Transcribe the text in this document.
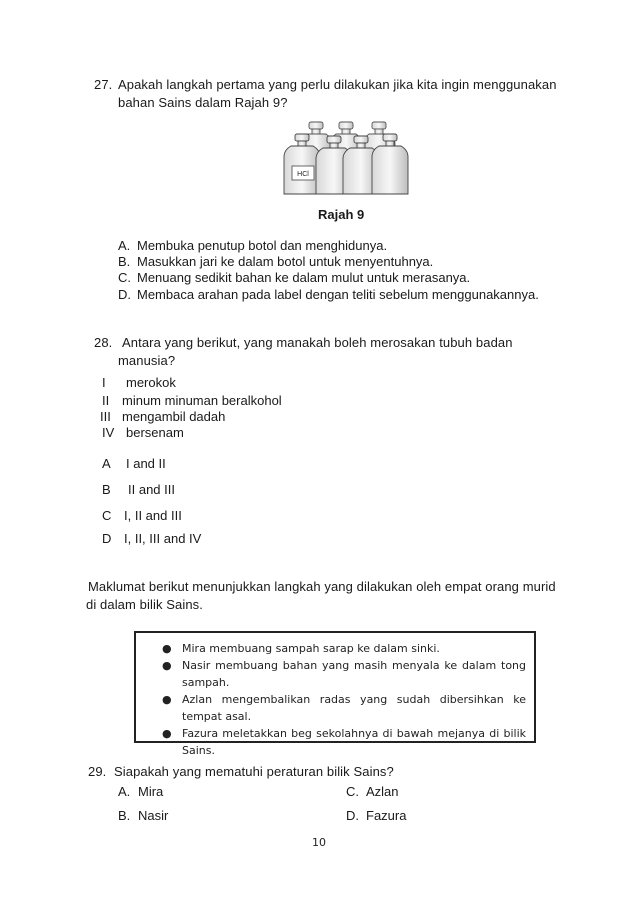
27. Apakah langkah pertama yang perlu dilakukan jika kita ingin menggunakan
bahan Sains dalam Rajah 9?
HCl
Rajah 9
A. Membuka penutup botol dan menghidunya.
B. Masukkan jari ke dalam botol untuk menyentuhnya.
C. Menuang sedikit bahan ke dalam mulut untuk merasanya.
D. Membaca arahan pada label dengan teliti sebelum menggunakannya.
28. Antara yang berikut, yang manakah boleh merosakan tubuh badan
manusia?
I merokok
II minum minuman beralkohol
III mengambil dadah
IV bersenam
A I and II
B II and III
C I, II and III
D I, II, III and IV
Maklumat berikut menunjukkan langkah yang dilakukan oleh empat orang murid
di dalam bilik Sains.
● Mira membuang sampah sarap ke dalam sinki.
● Nasir membuang bahan yang masih menyala ke dalam tong sampah.
● Azlan mengembalikan radas yang sudah dibersihkan ke tempat asal.
● Fazura meletakkan beg sekolahnya di bawah mejanya di bilik Sains.
29. Siapakah yang mematuhi peraturan bilik Sains?
A. Mira
B. Nasir
C. Azlan
D. Fazura
10
